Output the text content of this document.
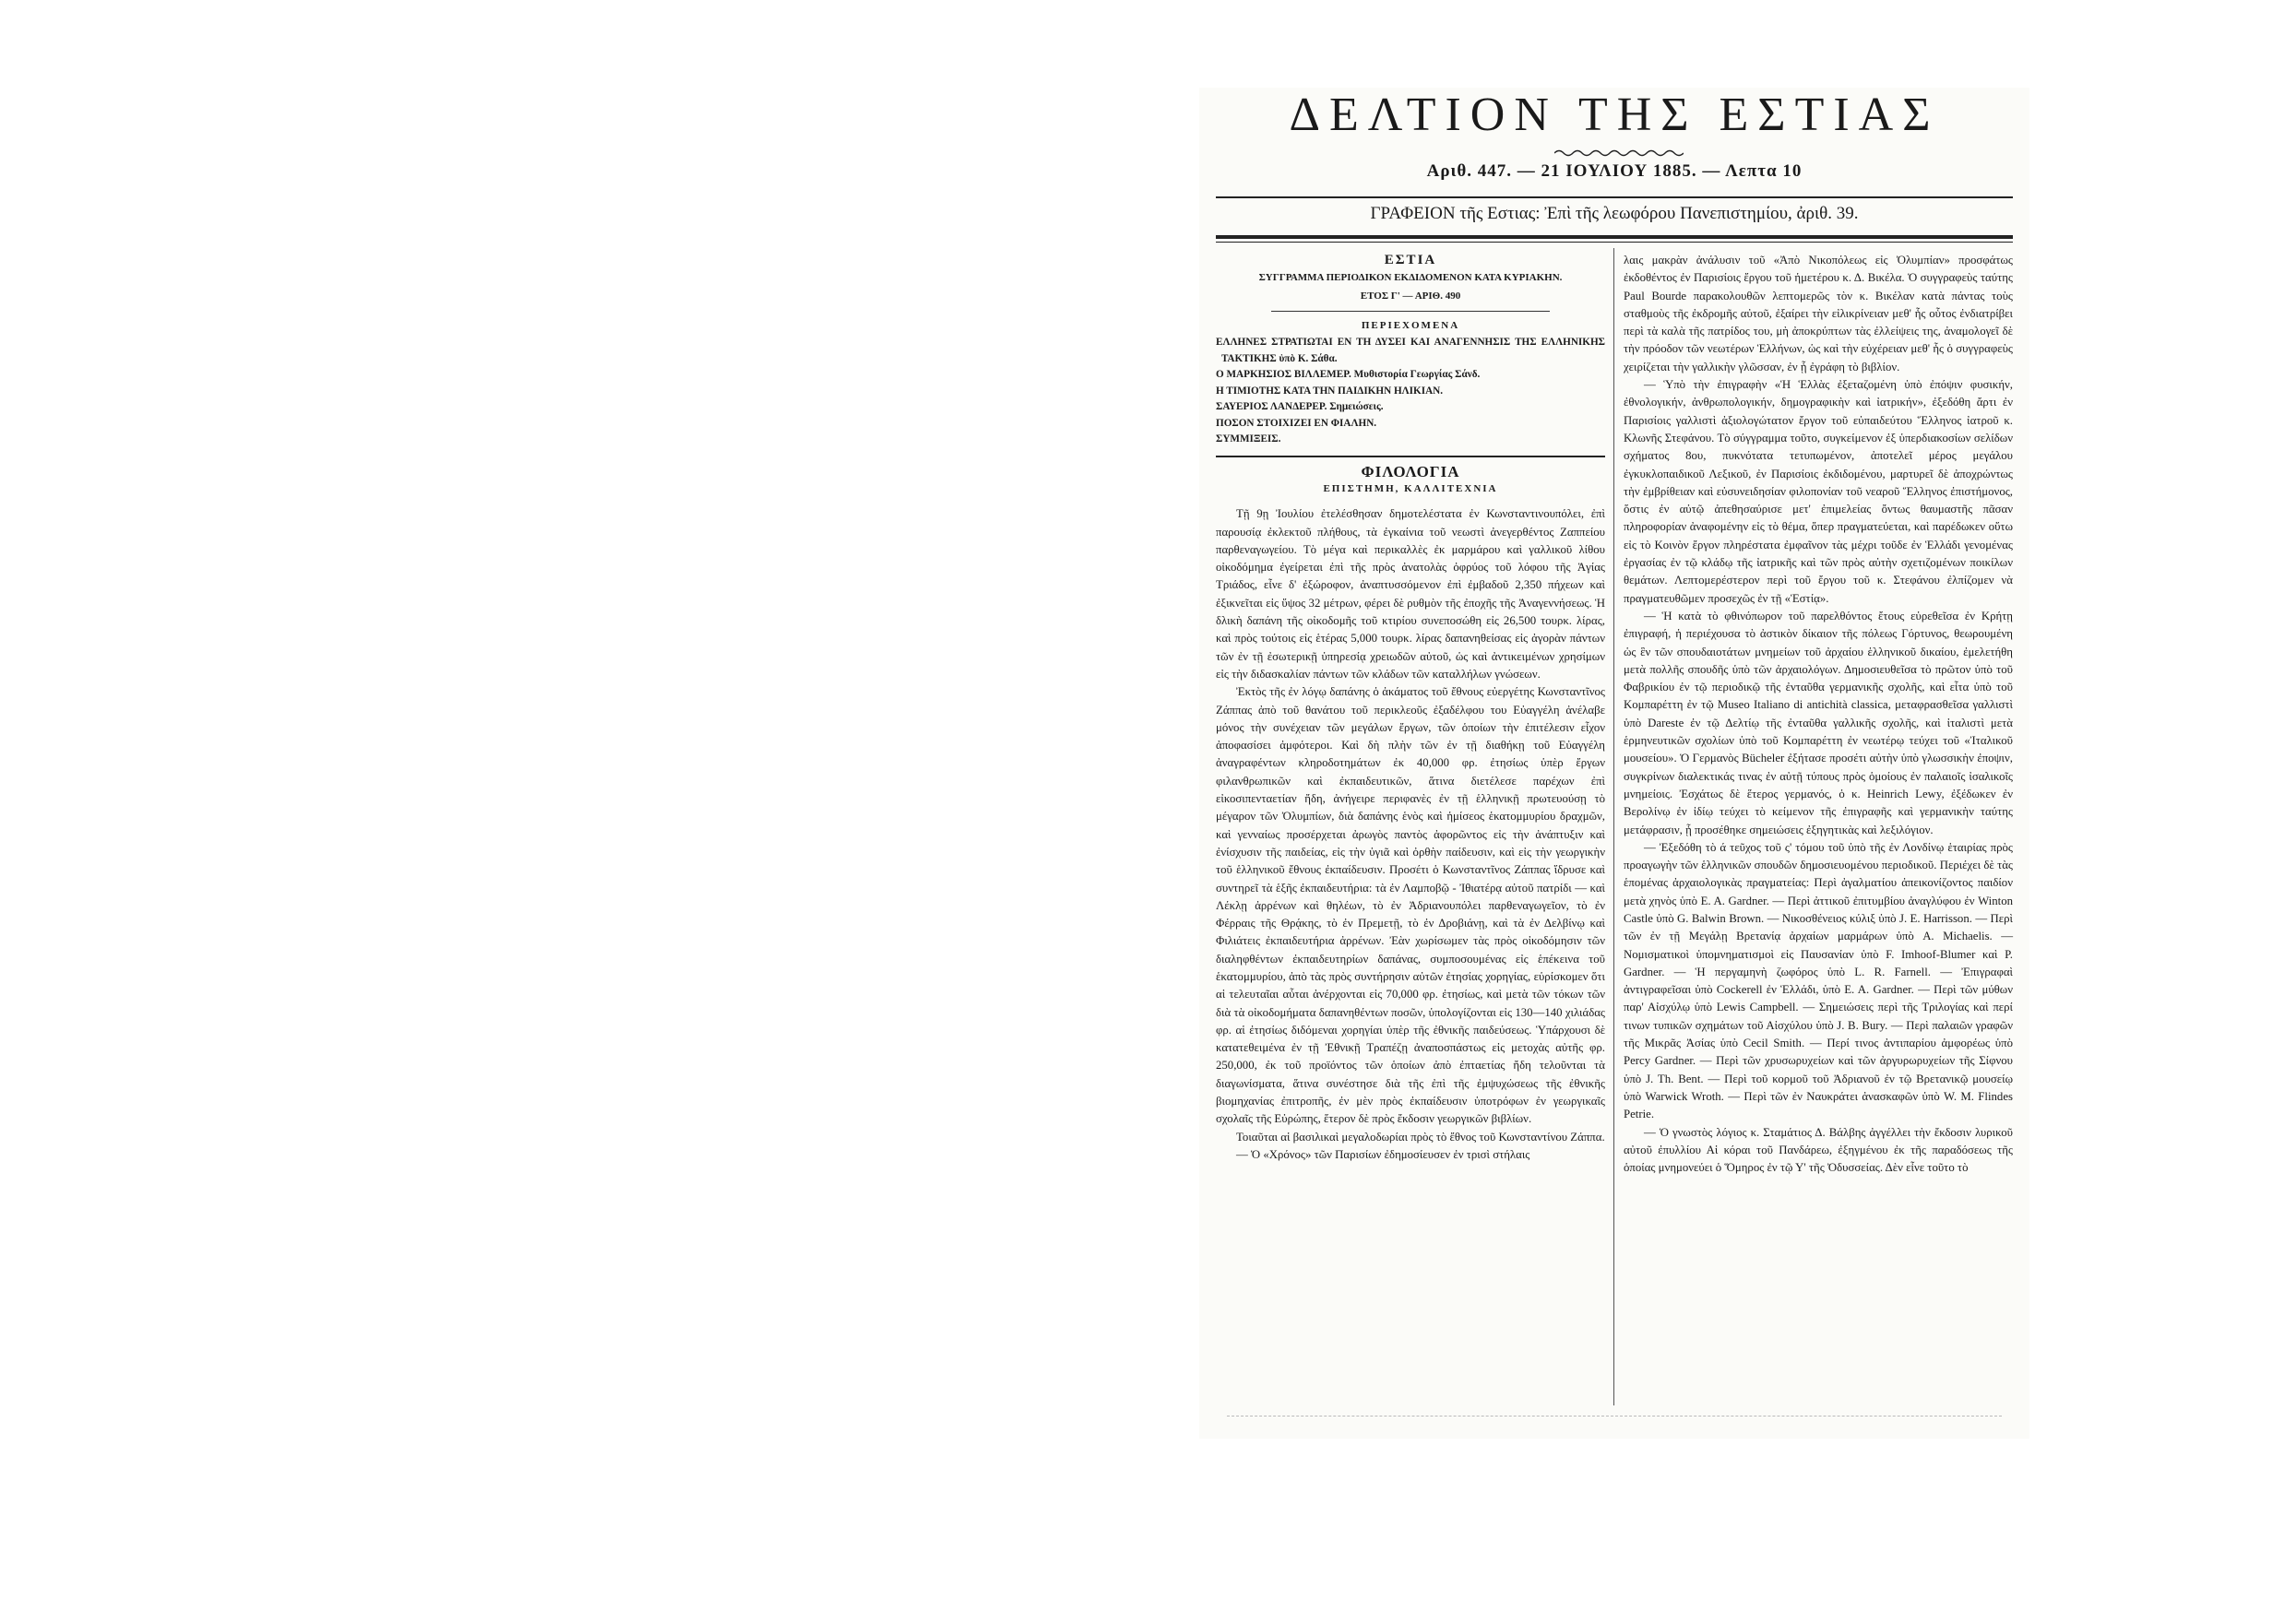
ΔΕΛΤΙΟΝ ΤΗΣ ΕΣΤΙΑΣ
Αριθ. 447. — 21 ΙΟΥΛΙΟΥ 1885. — Λεπτα 10
ΓΡΑΦΕΙΟΝ τῆς Εστιας: Ἐπὶ τῆς λεωφόρου Πανεπιστημίου, ἀριθ. 39.
ΕΣΤΙΑ
ΣΥΓΓΡΑΜΜΑ ΠΕΡΙΟΔΙΚΟΝ ΕΚΔΙΔΟΜΕΝΟΝ ΚΑΤΑ ΚΥΡΙΑΚΗΝ.
ΕΤΟΣ Γ' — ΑΡΙΘ. 490
ΠΕΡΙΕΧΟΜΕΝΑ

ΕΛΛΗΝΕΣ ΣΤΡΑΤΙΩΤΑΙ ΕΝ ΤΗ ΔΥΣΕΙ ΚΑΙ ΑΝΑΓΕΝΝΗΣΙΣ ΤΗΣ ΕΛΛΗΝΙΚΗΣ ΤΑΚΤΙΚΗΣ ὑπὸ Κ. Σάθα.

Ο ΜΑΡΚΗΣΙΟΣ ΒΙΛΛΕΜΕΡ. Μυθιστορία Γεωργίας Σάνδ.

Η ΤΙΜΙΟΤΗΣ ΚΑΤΑ ΤΗΝ ΠΑΙΔΙΚΗΝ ΗΛΙΚΙΑΝ.

ΣΑΥΕΡΙΟΣ ΛΑΝΔΕΡΕΡ. Σημειώσεις.

ΠΟΣΟΝ ΣΤΟΙΧΙΖΕΙ ΕΝ ΦΙΑΛΗΝ.

ΣΥΜΜΙΞΕΙΣ.

ΦΙΛΟΛΟΓΙΑ
ΕΠΙΣΤΗΜΗ, ΚΑΛΛΙΤΕΧΝΙΑ

Τῇ 9ῃ Ἰουλίου ἐτελέσθησαν δημοτελέστατα ἐν Κωνσταντινουπόλει, ἐπὶ παρουσίᾳ ἐκλεκτοῦ πλήθους, τὰ ἐγκαίνια τοῦ νεωστὶ ἀνεγερθέντος Ζαππείου παρθεναγωγείου. Τὸ μέγα καὶ περικαλλὲς ἐκ μαρμάρου καὶ γαλλικοῦ λίθου οἰκοδόμημα ἐγείρεται ἐπὶ τῆς πρὸς ἀνατολὰς ὀφρύος τοῦ λόφου τῆς Ἁγίας Τριάδος, εἶνε δ' ἐξώροφον, ἀναπτυσσόμενον ἐπὶ ἐμβαδοῦ 2,350 πήχεων καὶ ἐξικνεῖται εἰς ὕψος 32 μέτρων, φέρει δὲ ρυθμὸν τῆς ἐποχῆς τῆς Ἀναγεννήσεως. Ἡ δλικὴ δαπάνη τῆς οἰκοδομῆς τοῦ κτιρίου συνεποσώθη εἰς 26,500 τουρκ. λίρας, καὶ πρὸς τούτοις εἰς ἑτέρας 5,000 τουρκ. λίρας δαπανηθείσας εἰς ἀγορὰν πάντων τῶν ἐν τῇ ἐσωτερικῇ ὑπηρεσίᾳ χρειωδῶν αὐτοῦ, ὡς καὶ ἀντικειμένων χρησίμων εἰς τὴν διδασκαλίαν πάντων τῶν κλάδων τῶν καταλλήλων γνώσεων.

Ἐκτὸς τῆς ἐν λόγῳ δαπάνης ὁ ἀκάματος τοῦ ἔθνους εὐεργέτης Κωνσταντῖνος Ζάππας ἀπὸ τοῦ θανάτου τοῦ περικλεοῦς ἐξαδέλφου του Εὐαγγέλη ἀνέλαβε μόνος τὴν συνέχειαν τῶν μεγάλων ἔργων, τῶν ὁποίων τὴν ἐπιτέλεσιν εἶχον ἀποφασίσει ἀμφότεροι. Καὶ δὴ πλὴν τῶν ἐν τῇ διαθήκῃ τοῦ Εὐαγγέλη ἀναγραφέντων κληροδοτημάτων ἐκ 40,000 φρ. ἐτησίως ὑπὲρ ἔργων φιλανθρωπικῶν καὶ ἐκπαιδευτικῶν, ἅτινα διετέλεσε παρέχων ἐπὶ εἰκοσιπενταετίαν ἤδη, ἀνήγειρε περιφανὲς ἐν τῇ ἑλληνικῇ πρωτευούσῃ τὸ μέγαρον τῶν Ὀλυμπίων, διὰ δαπάνης ἑνὸς καὶ ἡμίσεος ἑκατομμυρίου δραχμῶν, καὶ γενναίως προσέρχεται ἀρωγὸς παντὸς ἀφορῶντος εἰς τὴν ἀνάπτυξιν καὶ ἐνίσχυσιν τῆς παιδείας, εἰς τὴν ὑγιᾶ καὶ ὀρθὴν παίδευσιν, καὶ εἰς τὴν γεωργικὴν τοῦ ἑλληνικοῦ ἔθνους ἐκπαίδευσιν. Προσέτι ὁ Κωνσταντῖνος Ζάππας ἵδρυσε καὶ συντηρεῖ τὰ ἑξῆς ἐκπαιδευτήρια: τὰ ἐν Λαμποβῷ - Ἰθιατέρᾳ αὐτοῦ πατρίδι — καὶ Λέκλῃ ἀρρένων καὶ θηλέων, τὸ ἐν Ἀδριανουπόλει παρθεναγωγεῖον, τὸ ἐν Φέρραις τῆς Θρᾴκης, τὸ ἐν Πρεμετῇ, τὸ ἐν Δροβιάνῃ, καὶ τὰ ἐν Δελβίνῳ καὶ Φιλιάτεις ἐκπαιδευτήρια ἀρρένων. Ἐὰν χωρίσωμεν τὰς πρὸς οἰκοδόμησιν τῶν διαληφθέντων ἐκπαιδευτηρίων δαπάνας, συμποσουμένας εἰς ἑπέκεινα τοῦ ἑκατομμυρίου, ἀπὸ τὰς πρὸς συντήρησιν αὐτῶν ἐτησίας χορηγίας, εὑρίσκομεν ὅτι αἱ τελευταῖαι αὗται ἀνέρχονται εἰς 70,000 φρ. ἐτησίως, καὶ μετὰ τῶν τόκων τῶν διὰ τὰ οἰκοδομήματα δαπανηθέντων ποσῶν, ὑπολογίζονται εἰς 130—140 χιλιάδας φρ. αἱ ἐτησίως διδόμεναι χορηγίαι ὑπὲρ τῆς ἐθνικῆς παιδεύσεως. Ὑπάρχουσι δὲ κατατεθειμένα ἐν τῇ Ἐθνικῇ Τραπέζῃ ἀναποσπάστως εἰς μετοχὰς αὐτῆς φρ. 250,000, ἐκ τοῦ προϊόντος τῶν ὁποίων ἀπὸ ἐπταετίας ἤδη τελοῦνται τὰ διαγωνίσματα, ἅτινα συνέστησε διὰ τῆς ἐπὶ τῆς ἐμψυχώσεως τῆς ἐθνικῆς βιομηχανίας ἐπιτροπῆς, ἐν μὲν πρὸς ἐκπαίδευσιν ὑποτρόφων ἐν γεωργικαῖς σχολαῖς τῆς Εὐρώπης, ἕτερον δὲ πρὸς ἔκδοσιν γεωργικῶν βιβλίων.

Τοιαῦται αἱ βασιλικαὶ μεγαλοδωρίαι πρὸς τὸ ἔθνος τοῦ Κωνσταντίνου Ζάππα.

— Ὁ «Χρόνος» τῶν Παρισίων ἐδημοσίευσεν ἐν τρισὶ στήλαις

λαις μακρὰν ἀνάλυσιν τοῦ «Ἀπὸ Νικοπόλεως εἰς Ὀλυμπίαν» προσφάτως ἐκδοθέντος ἐν Παρισίοις ἔργου τοῦ ἡμετέρου κ. Δ. Βικέλα. Ὁ συγγραφεὺς ταύτης Paul Bourde παρακολουθῶν λεπτομερῶς τὸν κ. Βικέλαν κατὰ πάντας τοὺς σταθμοὺς τῆς ἐκδρομῆς αὐτοῦ, ἐξαίρει τὴν εἰλικρίνειαν μεθ' ἧς οὗτος ἐνδιατρίβει περὶ τὰ καλὰ τῆς πατρίδος του, μὴ ἀποκρύπτων τὰς ἐλλείψεις της, ἀναμολογεῖ δὲ τὴν πρόοδον τῶν νεωτέρων Ἑλλήνων, ὡς καὶ τὴν εὐχέρειαν μεθ' ἧς ὁ συγγραφεὺς χειρίζεται τὴν γαλλικὴν γλῶσσαν, ἐν ᾗ ἐγράφη τὸ βιβλίον.

— Ὑπὸ τὴν ἐπιγραφὴν «Ἡ Ἑλλὰς ἐξεταζομένη ὑπὸ ἐπόψιν φυσικήν, ἐθνολογικήν, ἀνθρωπολογικήν, δημογραφικὴν καὶ ἰατρικήν», ἐξεδόθη ἄρτι ἐν Παρισίοις γαλλιστὶ ἀξιολογώτατον ἔργον τοῦ εὐπαιδεύτου Ἕλληνος ἰατροῦ κ. Κλωνῆς Στεφάνου. Τὸ σύγγραμμα τοῦτο, συγκείμενον ἐξ ὑπερδιακοσίων σελίδων σχήματος 8ου, πυκνότατα τετυπωμένον, ἀποτελεῖ μέρος μεγάλου ἐγκυκλοπαιδικοῦ Λεξικοῦ, ἐν Παρισίοις ἐκδιδομένου, μαρτυρεῖ δὲ ἀποχρώντως τὴν ἐμβρίθειαν καὶ εὐσυνειδησίαν φιλοπονίαν τοῦ νεαροῦ Ἕλληνος ἐπιστήμονος, ὅστις ἐν αὐτῷ ἀπεθησαύρισε μετ' ἐπιμελείας ὄντως θαυμαστῆς πᾶσαν πληροφορίαν ἀναφομένην εἰς τὸ θέμα, ὅπερ πραγματεύεται, καὶ παρέδωκεν οὕτω εἰς τὸ Κοινὸν ἔργον πληρέστατα ἐμφαῖνον τὰς μέχρι τοῦδε ἐν Ἑλλάδι γενομένας ἐργασίας ἐν τῷ κλάδῳ τῆς ἰατρικῆς καὶ τῶν πρὸς αὐτὴν σχετιζομένων ποικίλων θεμάτων. Λεπτομερέστερον περὶ τοῦ ἔργου τοῦ κ. Στεφάνου ἐλπίζομεν νὰ πραγματευθῶμεν προσεχῶς ἐν τῇ «Ἑστίᾳ».

— Ἡ κατὰ τὸ φθινόπωρον τοῦ παρελθόντος ἔτους εὑρεθεῖσα ἐν Κρήτῃ ἐπιγραφή, ἡ περιέχουσα τὸ ἀστικὸν δίκαιον τῆς πόλεως Γόρτυνος, θεωρουμένη ὡς ἓν τῶν σπουδαιοτάτων μνημείων τοῦ ἀρχαίου ἑλληνικοῦ δικαίου, ἐμελετήθη μετὰ πολλῆς σπουδῆς ὑπὸ τῶν ἀρχαιολόγων. Δημοσιευθεῖσα τὸ πρῶτον ὑπὸ τοῦ Φαβρικίου ἐν τῷ περιοδικῷ τῆς ἐνταῦθα γερμανικῆς σχολῆς, καὶ εἶτα ὑπὸ τοῦ Κομπαρέττη ἐν τῷ Museo Italiano di antichità classica, μεταφρασθεῖσα γαλλιστὶ ὑπὸ Dareste ἐν τῷ Δελτίῳ τῆς ἐνταῦθα γαλλικῆς σχολῆς, καὶ ἰταλιστὶ μετὰ ἑρμηνευτικῶν σχολίων ὑπὸ τοῦ Κομπαρέττη ἐν νεωτέρῳ τεύχει τοῦ «Ἰταλικοῦ μουσείου». Ὁ Γερμανὸς Bücheler ἐξήτασε προσέτι αὐτὴν ὑπὸ γλωσσικὴν ἐποψιν, συγκρίνων διαλεκτικάς τινας ἐν αὐτῇ τύπους πρὸς ὁμοίους ἐν παλαιοῖς ἰσαλικοῖς μνημείοις. Ἐσχάτως δὲ ἕτερος γερμανός, ὁ κ. Heinrich Lewy, ἐξέδωκεν ἐν Βερολίνῳ ἐν ἰδίῳ τεύχει τὸ κείμενον τῆς ἐπιγραφῆς καὶ γερμανικὴν ταύτης μετάφρασιν, ᾗ προσέθηκε σημειώσεις ἐξηγητικὰς καὶ λεξιλόγιον.

— Ἐξεδόθη τὸ ά τεῦχος τοῦ ς' τόμου τοῦ ὑπὸ τῆς ἐν Λονδίνῳ ἑταιρίας πρὸς προαγωγὴν τῶν ἑλληνικῶν σπουδῶν δημοσιευομένου περιοδικοῦ. Περιέχει δὲ τὰς ἑπομένας ἀρχαιολογικὰς πραγματείας: Περὶ ἀγαλματίου ἀπεικονίζοντος παιδίον μετὰ χηνὸς ὑπὸ E. A. Gardner. — Περὶ ἀττικοῦ ἐπιτυμβίου ἀναγλύφου ἐν Winton Castle ὑπὸ G. Balwin Brown. — Νικοσθένειος κύλιξ ὑπὸ J. E. Harrisson. — Περὶ τῶν ἐν τῇ Μεγάλῃ Βρετανίᾳ ἀρχαίων μαρμάρων ὑπὸ A. Michaelis. — Νομισματικοὶ ὑπομνηματισμοὶ εἰς Παυσανίαν ὑπὸ F. Imhoof-Blumer καὶ P. Gardner. — Ἡ περγαμηνὴ ζωφόρος ὑπὸ L. R. Farnell. — Ἐπιγραφαὶ ἀντιγραφεῖσαι ὑπὸ Cockerell ἐν Ἑλλάδι, ὑπὸ E. A. Gardner. — Περὶ τῶν μύθων παρ' Αἰσχύλῳ ὑπὸ Lewis Campbell. — Σημειώσεις περὶ τῆς Τριλογίας καὶ περί τινων τυπικῶν σχημάτων τοῦ Αἰσχύλου ὑπὸ J. B. Bury. — Περὶ παλαιῶν γραφῶν τῆς Μικρᾶς Ἀσίας ὑπὸ Cecil Smith. — Περί τινος ἀντιπαρίου ἀμφορέως ὑπὸ Percy Gardner. — Περὶ τῶν χρυσωρυχείων καὶ τῶν ἀργυρωρυχείων τῆς Σίφνου ὑπὸ J. Th. Bent. — Περὶ τοῦ κορμοῦ τοῦ Ἀδριανοῦ ἐν τῷ Βρετανικῷ μουσείῳ ὑπὸ Warwick Wroth. — Περὶ τῶν ἐν Ναυκράτει ἀνασκαφῶν ὑπὸ W. M. Flindes Petrie.

— Ὁ γνωστὸς λόγιος κ. Σταμάτιος Δ. Βάλβης ἀγγέλλει τὴν ἔκδοσιν λυρικοῦ αὐτοῦ ἐπυλλίου Αἱ κόραι τοῦ Πανδάρεω, ἐξηγμένου ἐκ τῆς παραδόσεως τῆς ὁποίας μνημονεύει ὁ Ὅμηρος ἐν τῷ Υ' τῆς Ὀδυσσείας. Δὲν εἶνε τοῦτο τὸ
